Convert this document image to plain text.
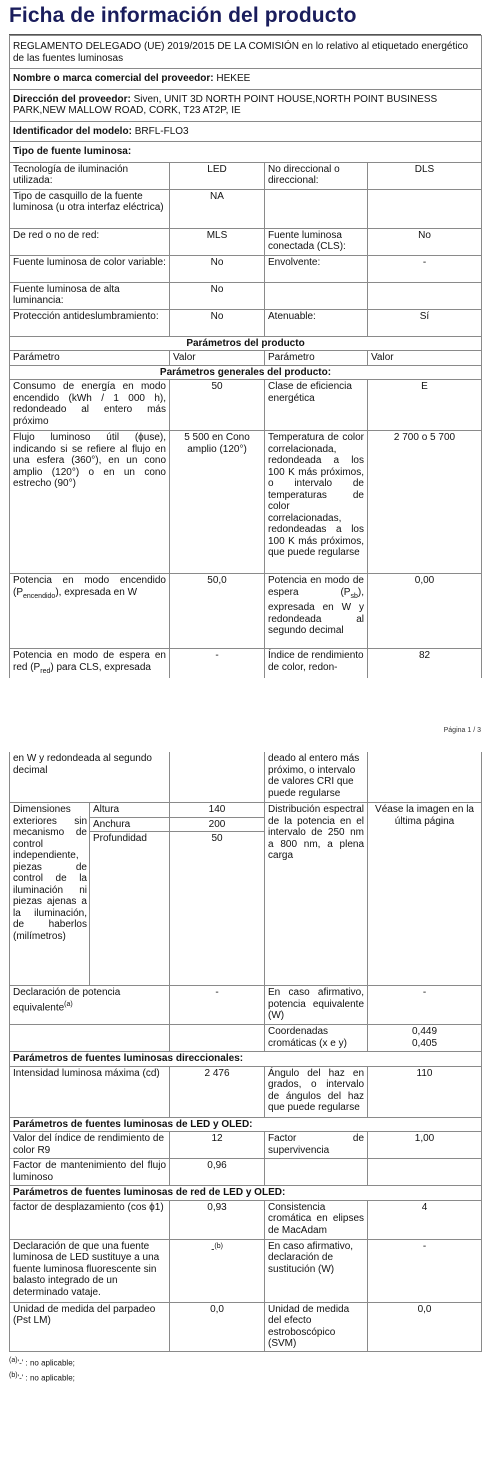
Ficha de información del producto
REGLAMENTO DELEGADO (UE) 2019/2015 DE LA COMISIÓN en lo relativo al etiquetado energético de las fuentes luminosas			
Nombre o marca comercial del proveedor: HEKEE			
Dirección del proveedor: Siven, UNIT 3D NORTH POINT HOUSE,NORTH POINT BUSINESS PARK,NEW MALLOW ROAD, CORK, T23 AT2P, IE			
Identificador del modelo: BRFL-FLO3			
Tipo de fuente luminosa:			
Tecnología de iluminación utilizada:	LED	No direccional o direccional:	DLS
Tipo de casquillo de la fuente luminosa (u otra interfaz eléctrica)	NA		
De red o no de red:	MLS	Fuente luminosa conectada (CLS):	No
Fuente luminosa de color variable:	No	Envolvente:	-
Fuente luminosa de alta luminancia:	No		
Protección antideslumbramiento:	No	Atenuable:	Sí
Parámetros del producto			
Parámetro	Valor	Parámetro	Valor
Parámetros generales del producto:			
Consumo de energía en modo encendido (kWh / 1 000 h), redondeado al entero más próximo	50	Clase de eficiencia energética	E
Flujo luminoso útil (ϕuse), indicando si se refiere al flujo en una esfera (360°), en un cono amplio (120°) o en un cono estrecho (90°)	5 500 en Cono amplio (120°)	Temperatura de color correlacionada, redondeada a los 100 K más próximos, o intervalo de temperaturas de color correlacionadas, redondeadas a los 100 K más próximos, que puede regularse	2 700 o 5 700
Potencia en modo encendido $(P_{encendido})$, expresada en W	50,0	Potencia en modo de espera $(P_{sb})$, expresada en W y redondeada al segundo decimal	0,00
Potencia en modo de espera en red $(P_{red})$ para CLS, expresada	-	Índice de rendimiento de color, redon-	82
Página 1 / 3
en W y redondeada al segundo decimal			deado al entero más próximo, o intervalo de valores CRI que puede regularse	
Dimensiones exteriores sin mecanismo de control independiente, piezas de control de la iluminación ni piezas ajenas a la iluminación, de haberlos (milímetros)	Altura	140	Distribución espectral de la potencia en el intervalo de 250 nm a 800 nm, a plena carga	Véase la imagen en la última página
	Anchura	200		
	Profundidad	50		
Declaración de potencia equivalente$^{(a)}$		-	En caso afirmativo, potencia equivalente (W)	-
			Coordenadas cromáticas (x e y)	0,449
0,405

Parámetros de fuentes luminosas direccionales:				
Intensidad luminosa máxima (cd)		2 476	Ángulo del haz en grados, o intervalo de ángulos del haz que puede regularse	110
Parámetros de fuentes luminosas de LED y OLED:				
Valor del índice de rendimiento de color R9		12	Factor de supervivencia	1,00
Factor de mantenimiento del flujo luminoso		0,96		
Parámetros de fuentes luminosas de red de LED y OLED:				
factor de desplazamiento (cos ϕ1)		0,93	Consistencia cromática en elipses de MacAdam	4
Declaración de que una fuente luminosa de LED sustituye a una fuente luminosa fluorescente sin balasto integrado de un determinado vataje.		-$^{(b)}$	En caso afirmativo, declaración de sustitución (W)	-
Unidad de medida del parpadeo (Pst LM)		0,0	Unidad de medida del efecto estroboscópico (SVM)	0,0
$^{(a)}$'-' : no aplicable;
$^{(b)}$'-' : no aplicable;
